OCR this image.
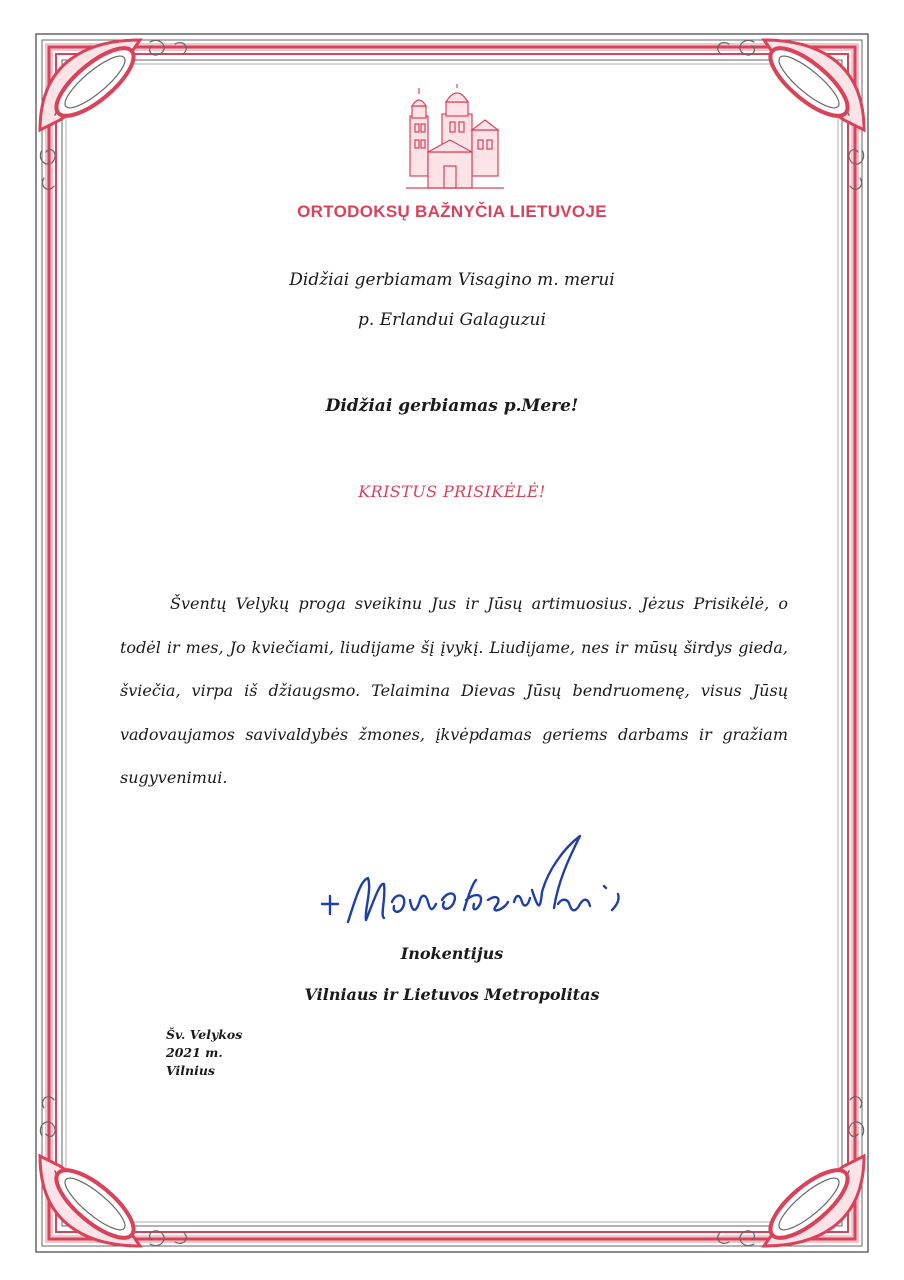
ORTODOKSŲ BAŽNYČIA LIETUVOJE
Didžiai gerbiamam Visagino m. merui
p. Erlandui Galaguzui
Didžiai gerbiamas p.Mere!
KRISTUS PRISIKĖLĖ!
Šventų Velykų proga sveikinu Jus ir Jūsų artimuosius. Jėzus Prisikėlė, o todėl ir mes, Jo kviečiami, liudijame šį įvykį. Liudijame, nes ir mūsų širdys gieda, šviečia, virpa iš džiaugsmo. Telaimina Dievas Jūsų bendruomenę, visus Jūsų vadovaujamos savivaldybės žmones, įkvėpdamas geriems darbams ir gražiam sugyvenimui.
Inokentijus
Vilniaus ir Lietuvos Metropolitas
Šv. Velykos
2021 m.
Vilnius
